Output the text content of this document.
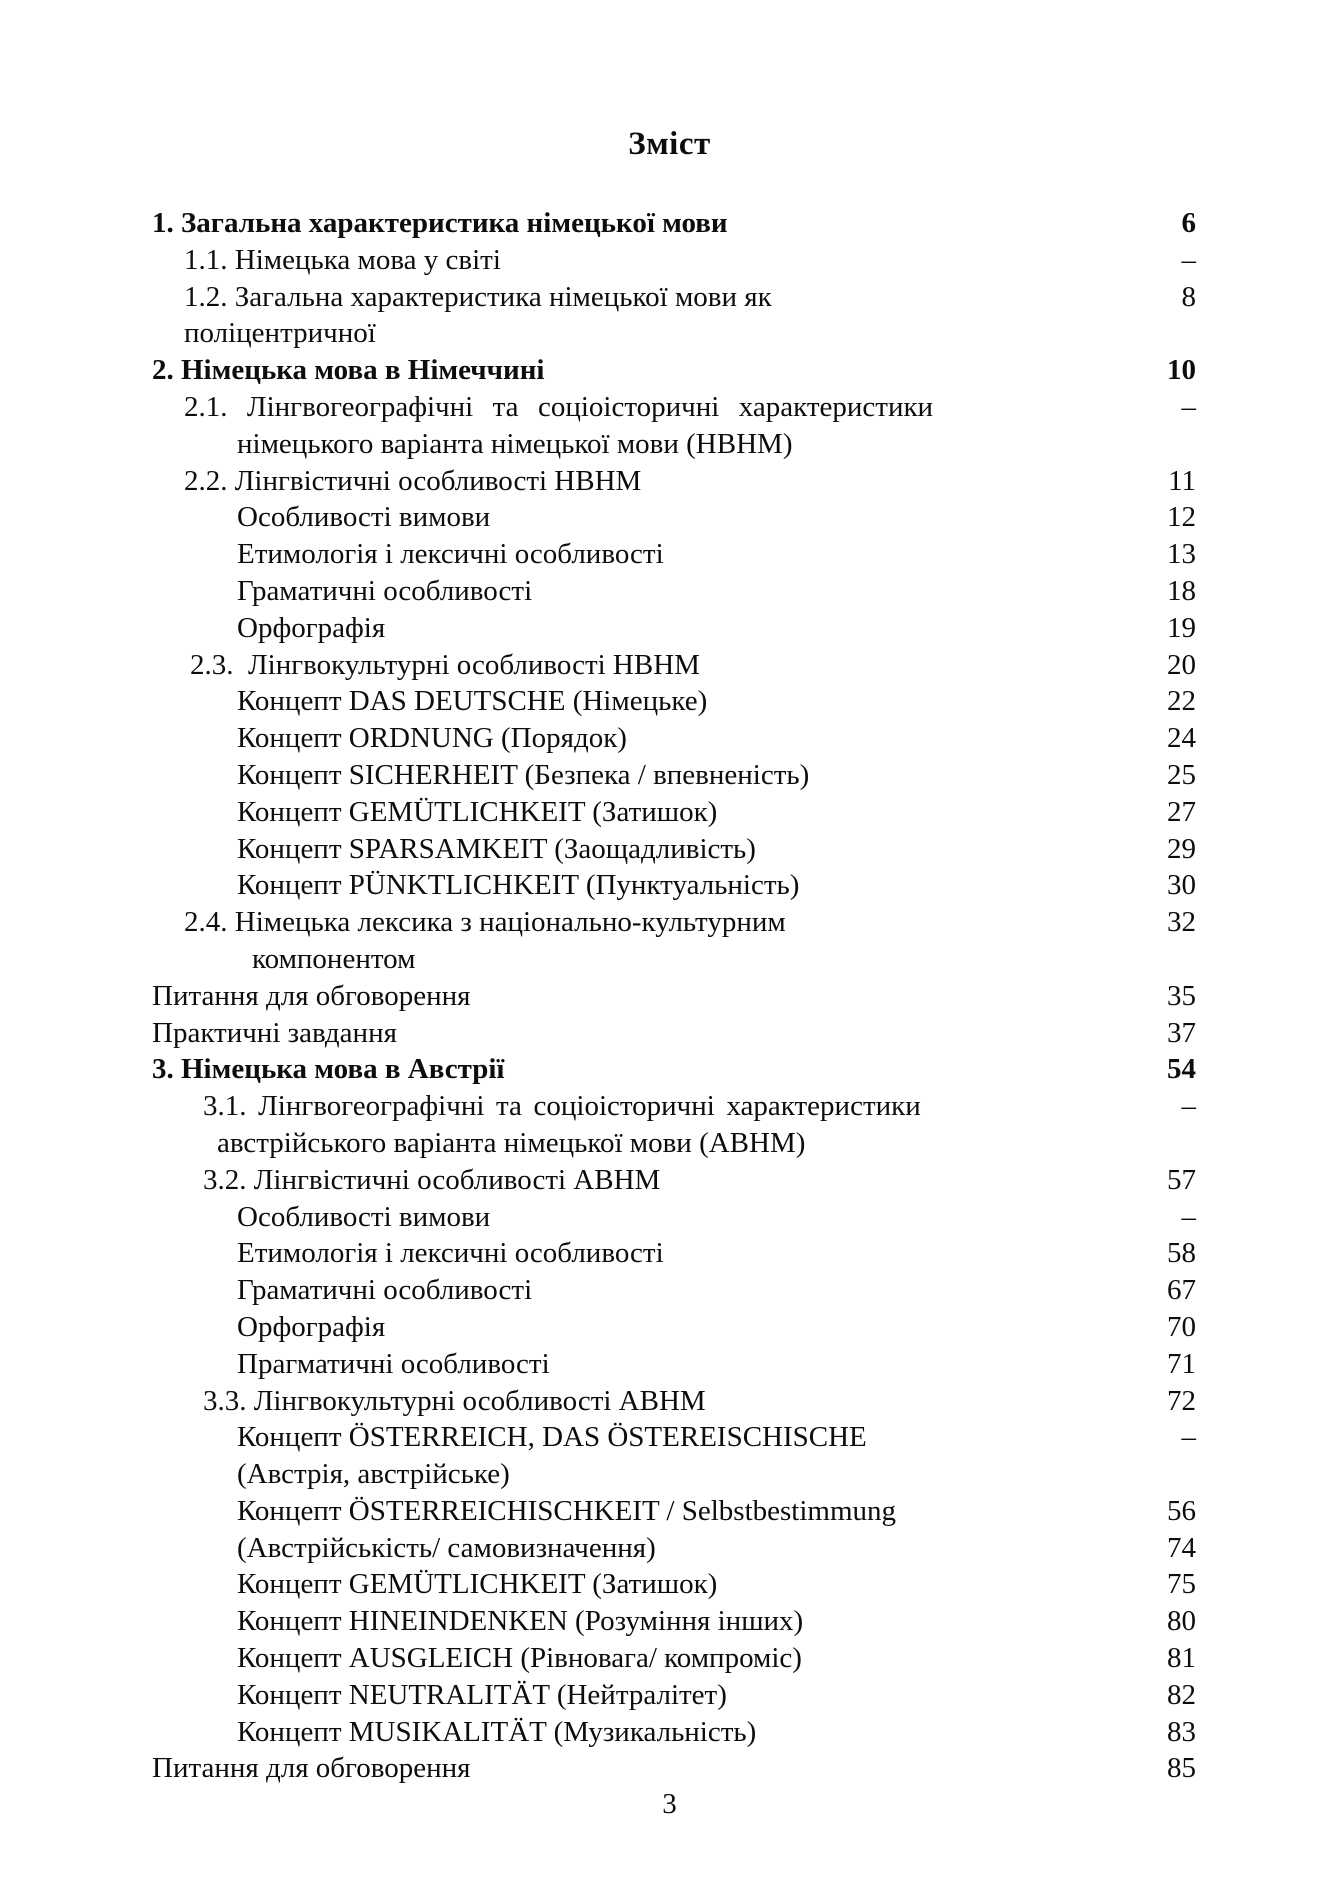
Зміст
1. Загальна характеристика німецької мови	6
1.1. Німецька мова у світі	–
1.2. Загальна характеристика німецької мови як	8
поліцентричної
2. Німецька мова в Німеччині	10
2.1. Лінгвогеографічні та соціоісторичні характеристики	–
німецького варіанта німецької мови (НВНМ)
2.2. Лінгвістичні особливості НВНМ	11
Особливості вимови	12
Етимологія і лексичні особливості	13
Граматичні особливості	18
Орфографія	19
2.3.  Лінгвокультурні особливості НВНМ	20
Концепт DAS DEUTSCHE (Німецьке)	22
Концепт ORDNUNG (Порядок)	24
Концепт SICHERHEIT (Безпека / впевненість)	25
Концепт GEMÜTLICHKEIT (Затишок)	27
Концепт SPARSAMKEIT (Заощадливість)	29
Концепт PÜNKTLICHKEIT (Пунктуальність)	30
2.4. Німецька лексика з національно-культурним	32
компонентом
Питання для обговорення	35
Практичні завдання	37
3. Німецька мова в Австрії	54
3.1. Лінгвогеографічні та соціоісторичні характеристики	–
австрійського варіанта німецької мови (АВНМ)
3.2. Лінгвістичні особливості АВНМ	57
Особливості вимови	–
Етимологія і лексичні особливості	58
Граматичні особливості	67
Орфографія	70
Прагматичні особливості	71
3.3. Лінгвокультурні особливості АВНМ	72
Концепт ÖSTERREICH, DAS ÖSTEREISCHISCHE	–
(Австрія, австрійське)
Концепт ÖSTERREICHISCHKEIT / Selbstbestimmung	56
(Австрійськість/ самовизначення)	74
Концепт GEMÜTLICHKEIT (Затишок)	75
Концепт HINEINDENKEN (Розуміння інших)	80
Концепт AUSGLEICH (Рівновага/ компроміс)	81
Концепт NEUTRALITÄT (Нейтралітет)	82
Концепт MUSIKALITÄT (Музикальність)	83
Питання для обговорення	85
3
